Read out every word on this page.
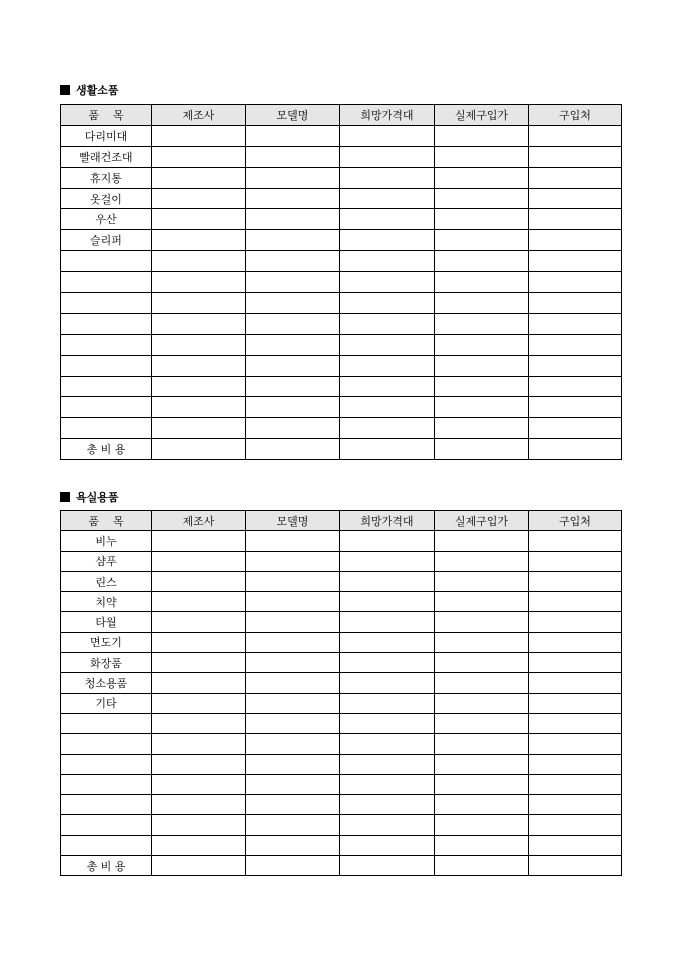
생활소품
품    목	제조사	모델명	희망가격대	실제구입가	구입처
다리미대					
빨래건조대					
휴지통					
옷걸이					
우산					
슬리퍼					

총 비 용					
욕실용품
품    목	제조사	모델명	희망가격대	실제구입가	구입처
비누					
샴푸					
린스					
치약					
타월					
면도기					
화장품					
청소용품					
기타					

총 비 용					
